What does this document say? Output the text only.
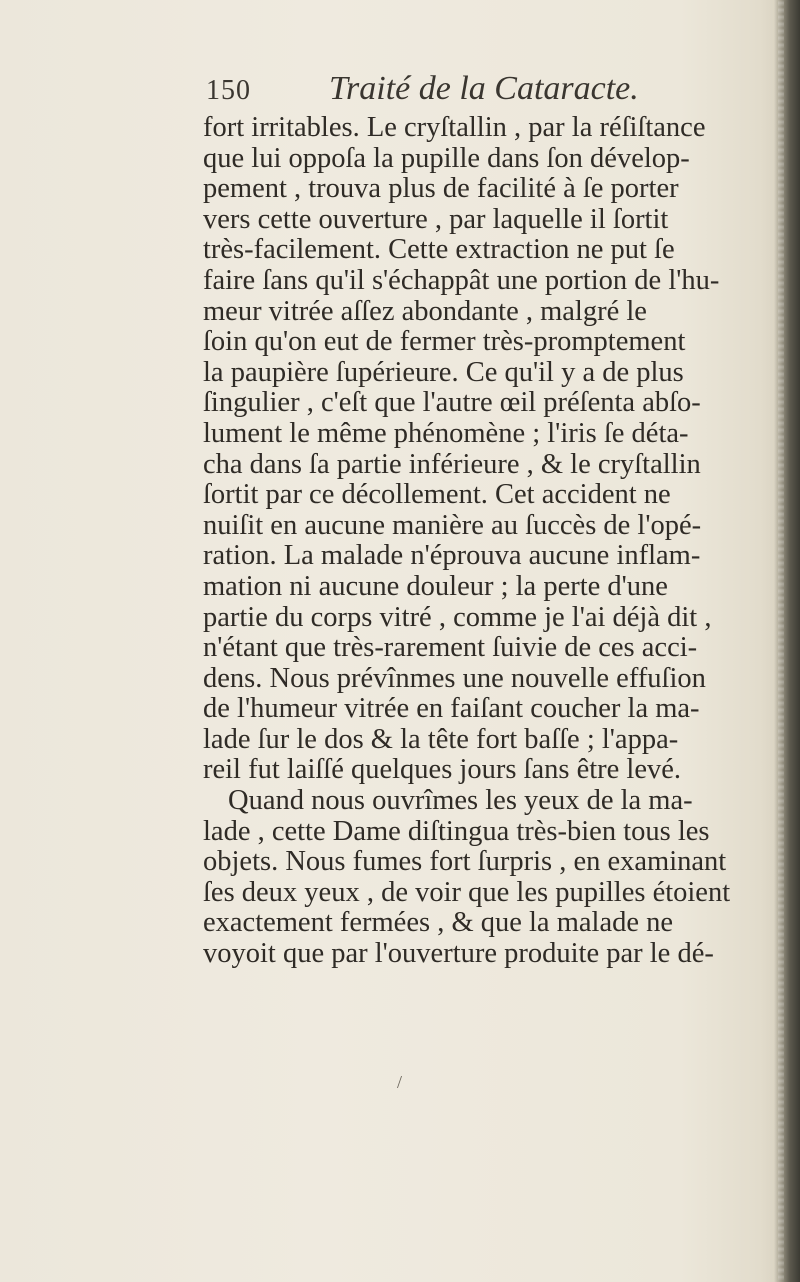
150 Traité de la Cataracte.
fort irritables. Le cryſtallin , par la réſiſtance
que lui oppoſa la pupille dans ſon dévelop-
pement , trouva plus de facilité à ſe porter
vers cette ouverture , par laquelle il ſortit
très-facilement. Cette extraction ne put ſe
faire ſans qu'il s'échappât une portion de l'hu-
meur vitrée aſſez abondante , malgré le
ſoin qu'on eut de fermer très-promptement
la paupière ſupérieure. Ce qu'il y a de plus
ſingulier , c'eſt que l'autre œil préſenta abſo-
lument le même phénomène ; l'iris ſe déta-
cha dans ſa partie inférieure , & le cryſtallin
ſortit par ce décollement. Cet accident ne
nuiſit en aucune manière au ſuccès de l'opé-
ration. La malade n'éprouva aucune inflam-
mation ni aucune douleur ; la perte d'une
partie du corps vitré , comme je l'ai déjà dit ,
n'étant que très-rarement ſuivie de ces acci-
dens. Nous prévînmes une nouvelle effuſion
de l'humeur vitrée en faiſant coucher la ma-
lade ſur le dos & la tête fort baſſe ; l'appa-
reil fut laiſſé quelques jours ſans être levé.
Quand nous ouvrîmes les yeux de la ma-
lade , cette Dame diſtingua très-bien tous les
objets. Nous fumes fort ſurpris , en examinant
ſes deux yeux , de voir que les pupilles étoient
exactement fermées , & que la malade ne
voyoit que par l'ouverture produite par le dé-
/
